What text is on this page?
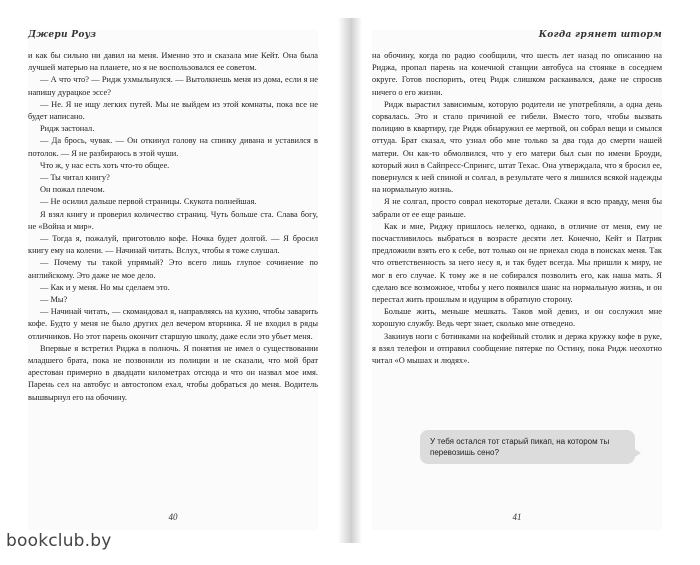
Джери Роуз

и как бы сильно ни давил на меня. Именно это и сказала мне Кейт. Она была лучшей матерью на планете, но я не воспользовался ее советом.

— А что что? — Ридж ухмыльнулся. — Вытолкнешь меня из дома, если я не напишу дурацкое эссе?

— Не. Я не ищу легких путей. Мы не выйдем из этой комнаты, пока все не будет написано.

Ридж застонал.

— Да брось, чувак. — Он откинул голову на спинку дивана и уставился в потолок. — Я не разбираюсь в этой чуши.

Что ж, у нас есть хоть что-то общее.

— Ты читал книгу?

Он пожал плечом.

— Не осилил дальше первой страницы. Скукота полнейшая.

Я взял книгу и проверил количество страниц. Чуть больше ста. Слава богу, не «Война и мир».

— Тогда я, пожалуй, приготовлю кофе. Ночка будет долгой. — Я бросил книгу ему на колени. — Начинай читать. Вслух, чтобы я тоже слушал.

— Почему ты такой упрямый? Это всего лишь глупое сочинение по английскому. Это даже не мое дело.

— Как и у меня. Но мы сделаем это.

— Мы?

— Начинай читать, — скомандовал я, направляясь на кухню, чтобы заварить кофе. Будто у меня не было других дел вечером вторника. Я не входил в ряды отличников. Но этот парень окончит старшую школу, даже если это убьет меня.

Впервые я встретил Риджа в полночь. Я понятия не имел о существовании младшего брата, пока не позвонили из полиции и не сказали, что мой брат арестован примерно в двадцати километрах отсюда и что он назвал мое имя. Парень сел на автобус и автостопом ехал, чтобы добраться до меня. Водитель вышвырнул его на обочину.

40
Когда грянет шторм

на обочину, когда по радио сообщили, что шесть лет назад по описанию на Риджа, пропал парень на конечной станции автобуса на стоянке в соседнем округе. Готов поспорить, отец Ридж слишком раскаивался, даже не спросив ничего о его жизни.

Ридж вырастил зависимым, которую родители не употребляли, а одна день сорвалась. Это и стало причиной ее гибели. Вместо того, чтобы вызвать полицию в квартиру, где Ридж обнаружил ее мертвой, он собрал вещи и смылся оттуда. Брат сказал, что узнал обо мне только за два года до смерти нашей матери. Он как-то обмолвился, что у его матери был сын по имени Броуди, который жил в Сайпресс-Спрингс, штат Техас. Она утверждала, что я бросил ее, повернулся к ней спиной и солгал, в результате чего я лишился всякой надежды на нормальную жизнь.

Я не солгал, просто соврал некоторые детали. Скажи я всю правду, меня бы забрали от ее еще раньше.

Как и мне, Риджу пришлось нелегко, однако, в отличие от меня, ему не посчастливилось выбраться в возрасте десяти лет. Конечно, Кейт и Патрик предложили взять его к себе, вот только он не приехал сюда в поисках меня. Так что ответственность за него несу я, и так будет всегда. Мы пришли к миру, не мог в его случае. К тому же я не собирался позволить его, как наша мать. Я сделаю все возможное, чтобы у него появился шанс на нормальную жизнь, и он перестал жить прошлым и идущим в обратную сторону.

Больше жить, меньше мешкать. Таков мой девиз, и он сослужил мне хорошую службу. Ведь черт знает, сколько мне отведено.

Закинув ноги с ботинками на кофейный столик и держа кружку кофе в руке, я взял телефон и отправил сообщение пятерке по Остину, пока Ридж неохотно читал «О мышах и людях».

У тебя остался тот старый пикап, на котором ты перевозишь сено?
41
bookclub.by
